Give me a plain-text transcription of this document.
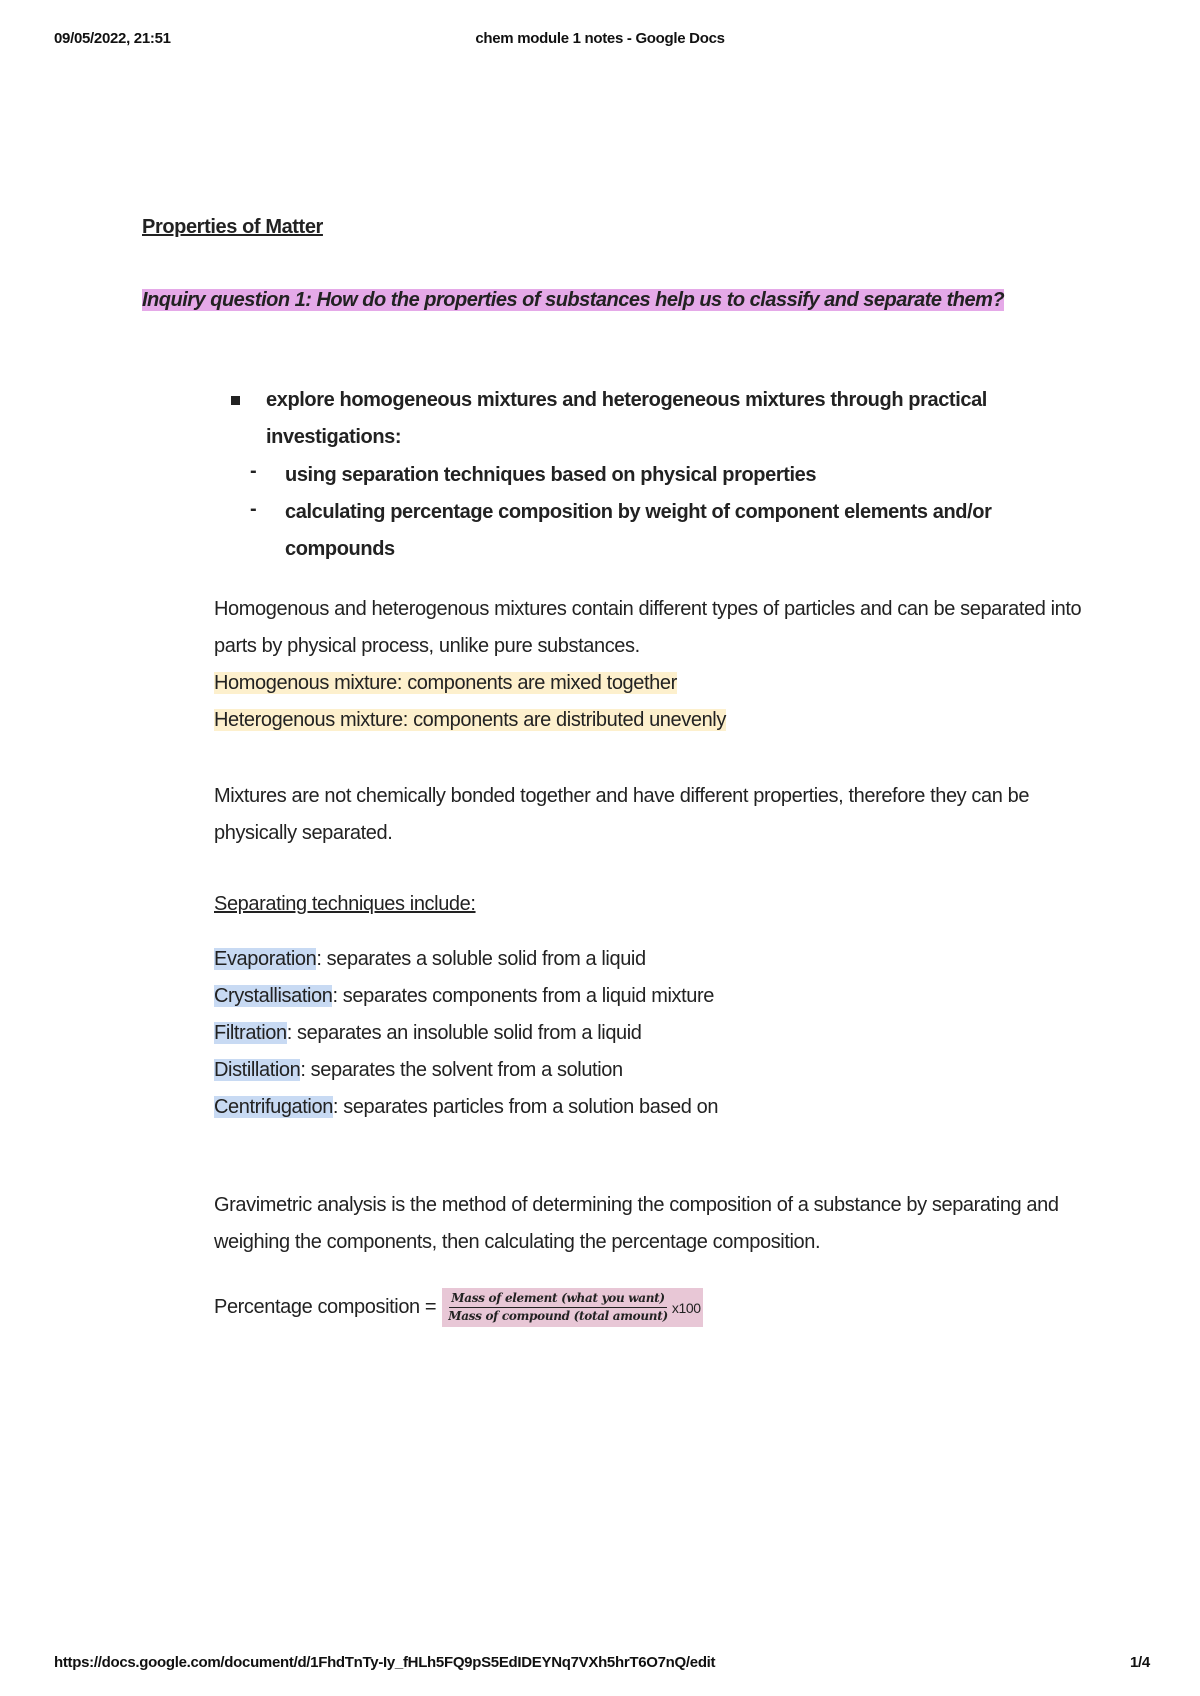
09/05/2022, 21:51	chem module 1 notes - Google Docs
Properties of Matter
Inquiry question 1: How do the properties of substances help us to classify and separate them?
explore homogeneous mixtures and heterogeneous mixtures through practical investigations:
- using separation techniques based on physical properties
- calculating percentage composition by weight of component elements and/or compounds
Homogenous and heterogenous mixtures contain different types of particles and can be separated into parts by physical process, unlike pure substances.
Homogenous mixture: components are mixed together
Heterogenous mixture: components are distributed unevenly
Mixtures are not chemically bonded together and have different properties, therefore they can be physically separated.
Separating techniques include:
Evaporation: separates a soluble solid from a liquid
Crystallisation: separates components from a liquid mixture
Filtration: separates an insoluble solid from a liquid
Distillation: separates the solvent from a solution
Centrifugation: separates particles from a solution based on
Gravimetric analysis is the method of determining the composition of a substance by separating and weighing the components, then calculating the percentage composition.
Percentage composition = $\frac{\text{Mass of element (what you want)}}{\text{Mass of compound (total amount)}} x100$
https://docs.google.com/document/d/1FhdTnTy-Iy_fHLh5FQ9pS5EdIDEYNq7VXh5hrT6O7nQ/edit	1/4
